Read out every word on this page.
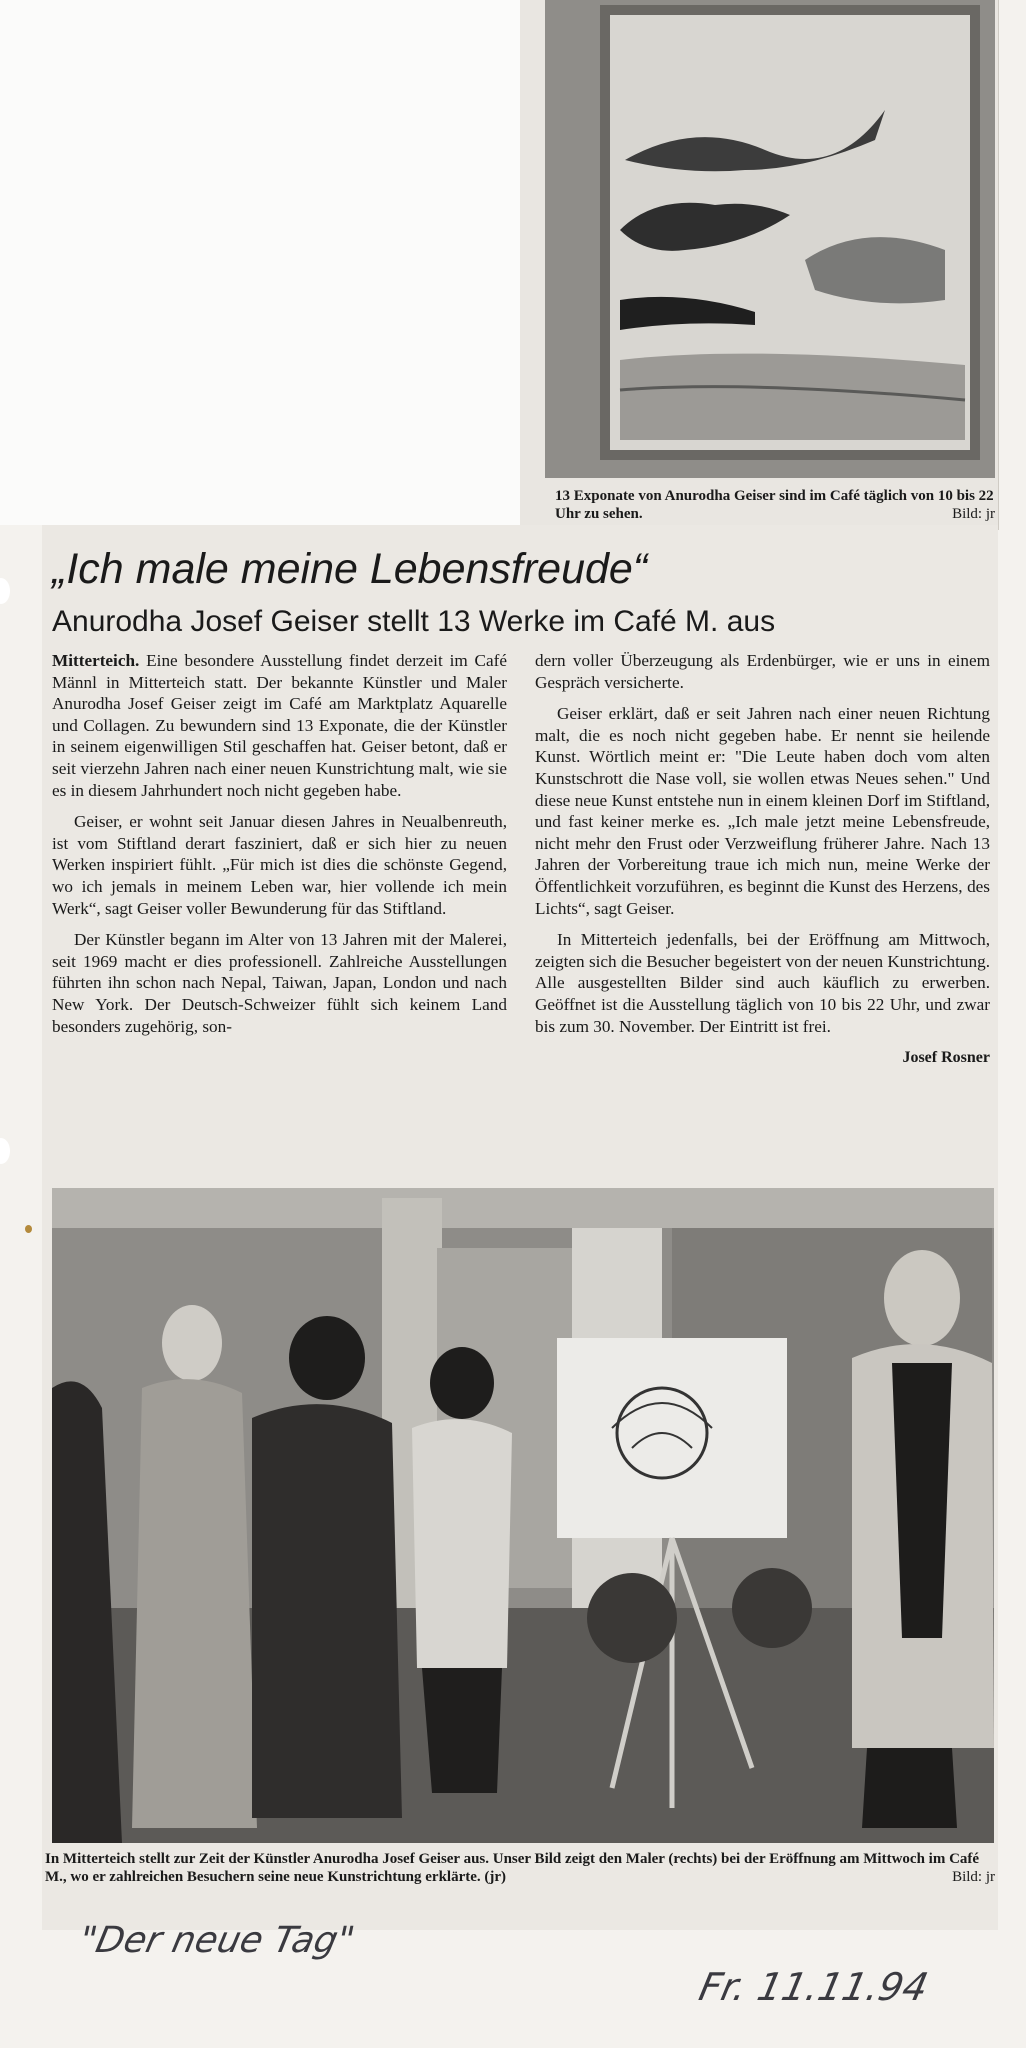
13 Exponate von Anurodha Geiser sind im Café täglich von 10 bis 22 Uhr zu sehen.	Bild: jr
„Ich male meine Lebensfreude“
Anurodha Josef Geiser stellt 13 Werke im Café M. aus

Mitterteich. Eine besondere Ausstellung findet derzeit im Café Männl in Mitterteich statt. Der bekannte Künstler und Maler Anurodha Josef Geiser zeigt im Café am Marktplatz Aquarelle und Collagen. Zu bewundern sind 13 Exponate, die der Künstler in seinem eigenwilligen Stil geschaffen hat. Geiser betont, daß er seit vierzehn Jahren nach einer neuen Kunstrichtung malt, wie sie es in diesem Jahrhundert noch nicht gegeben habe.

Geiser, er wohnt seit Januar diesen Jahres in Neualbenreuth, ist vom Stiftland derart fasziniert, daß er sich hier zu neuen Werken inspiriert fühlt. „Für mich ist dies die schönste Gegend, wo ich jemals in meinem Leben war, hier vollende ich mein Werk“, sagt Geiser voller Bewunderung für das Stiftland.

Der Künstler begann im Alter von 13 Jahren mit der Malerei, seit 1969 macht er dies professionell. Zahlreiche Ausstellungen führten ihn schon nach Nepal, Taiwan, Japan, London und nach New York. Der Deutsch-Schweizer fühlt sich keinem Land besonders zugehörig, son-

dern voller Überzeugung als Erdenbürger, wie er uns in einem Gespräch versicherte.

Geiser erklärt, daß er seit Jahren nach einer neuen Richtung malt, die es noch nicht gegeben habe. Er nennt sie heilende Kunst. Wörtlich meint er: "Die Leute haben doch vom alten Kunstschrott die Nase voll, sie wollen etwas Neues sehen." Und diese neue Kunst entstehe nun in einem kleinen Dorf im Stiftland, und fast keiner merke es. „Ich male jetzt meine Lebensfreude, nicht mehr den Frust oder Verzweiflung früherer Jahre. Nach 13 Jahren der Vorbereitung traue ich mich nun, meine Werke der Öffentlichkeit vorzuführen, es beginnt die Kunst des Herzens, des Lichts“, sagt Geiser.

In Mitterteich jedenfalls, bei der Eröffnung am Mittwoch, zeigten sich die Besucher begeistert von der neuen Kunstrichtung. Alle ausgestellten Bilder sind auch käuflich zu erwerben. Geöffnet ist die Ausstellung täglich von 10 bis 22 Uhr, und zwar bis zum 30. November. Der Eintritt ist frei.

Josef Rosner
In Mitterteich stellt zur Zeit der Künstler Anurodha Josef Geiser aus. Unser Bild zeigt den Maler (rechts) bei der Eröffnung am Mittwoch im Café M., wo er zahlreichen Besuchern seine neue Kunstrichtung erklärte. (jr)	Bild: jr
"Der neue Tag"
Fr. 11.11.94
